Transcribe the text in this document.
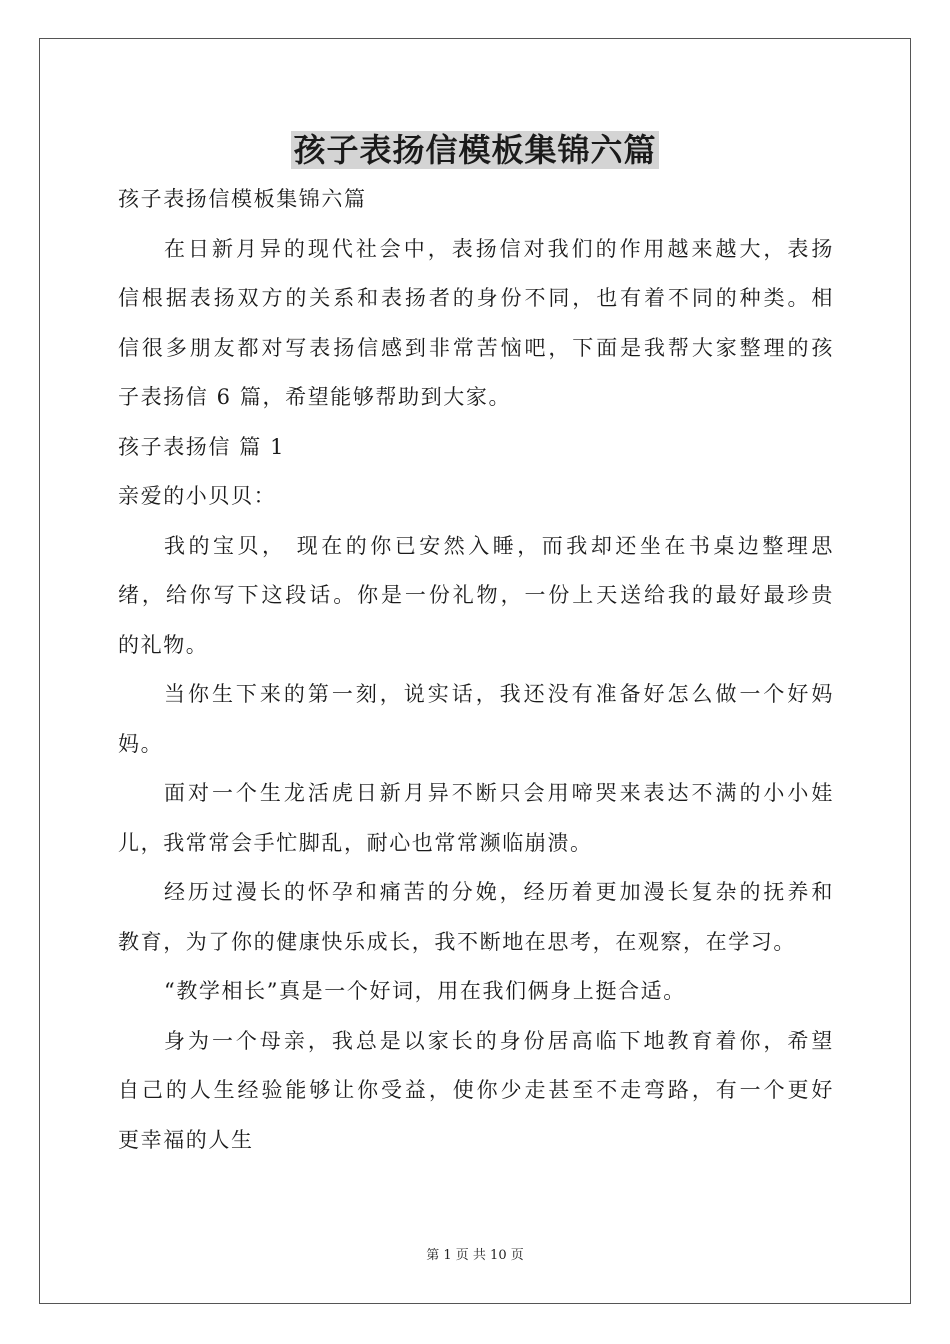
孩子表扬信模板集锦六篇

孩子表扬信模板集锦六篇

在日新月异的现代社会中，表扬信对我们的作用越来越大，表扬

信根据表扬双方的关系和表扬者的身份不同，也有着不同的种类。相

信很多朋友都对写表扬信感到非常苦恼吧，下面是我帮大家整理的孩

子表扬信 6 篇，希望能够帮助到大家。

孩子表扬信 篇 1

亲爱的小贝贝：

我的宝贝， 现在的你已安然入睡，而我却还坐在书桌边整理思

绪，给你写下这段话。你是一份礼物，一份上天送给我的最好最珍贵

的礼物。

当你生下来的第一刻，说实话，我还没有准备好怎么做一个好妈

妈。

面对一个生龙活虎日新月异不断只会用啼哭来表达不满的小小娃

儿，我常常会手忙脚乱，耐心也常常濒临崩溃。

经历过漫长的怀孕和痛苦的分娩，经历着更加漫长复杂的抚养和

教育，为了你的健康快乐成长，我不断地在思考，在观察，在学习。

“教学相长”真是一个好词，用在我们俩身上挺合适。

身为一个母亲，我总是以家长的身份居高临下地教育着你，希望

自己的人生经验能够让你受益，使你少走甚至不走弯路，有一个更好

更幸福的人生

第 1 页 共 10 页
